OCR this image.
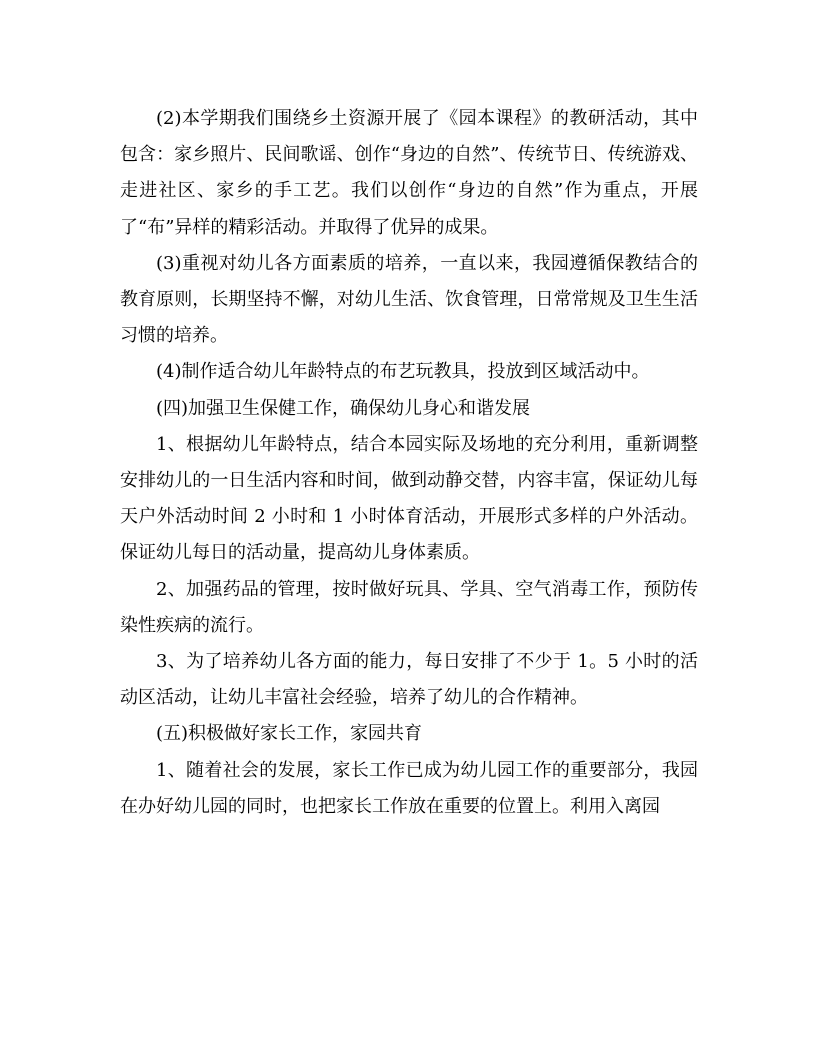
(2)本学期我们围绕乡土资源开展了《园本课程》的教研活动，其中包含：家乡照片、民间歌谣、创作“身边的自然”、传统节日、传统游戏、走进社区、家乡的手工艺。我们以创作“身边的自然”作为重点，开展了“布”异样的精彩活动。并取得了优异的成果。

(3)重视对幼儿各方面素质的培养，一直以来，我园遵循保教结合的教育原则，长期坚持不懈，对幼儿生活、饮食管理，日常常规及卫生生活习惯的培养。

(4)制作适合幼儿年龄特点的布艺玩教具，投放到区域活动中。

(四)加强卫生保健工作，确保幼儿身心和谐发展

1、根据幼儿年龄特点，结合本园实际及场地的充分利用，重新调整安排幼儿的一日生活内容和时间，做到动静交替，内容丰富，保证幼儿每天户外活动时间 2 小时和 1 小时体育活动，开展形式多样的户外活动。保证幼儿每日的活动量，提高幼儿身体素质。

2、加强药品的管理，按时做好玩具、学具、空气消毒工作，预防传染性疾病的流行。

3、为了培养幼儿各方面的能力，每日安排了不少于 1。5 小时的活动区活动，让幼儿丰富社会经验，培养了幼儿的合作精神。

(五)积极做好家长工作，家园共育

1、随着社会的发展，家长工作已成为幼儿园工作的重要部分，我园在办好幼儿园的同时，也把家长工作放在重要的位置上。利用入离园
